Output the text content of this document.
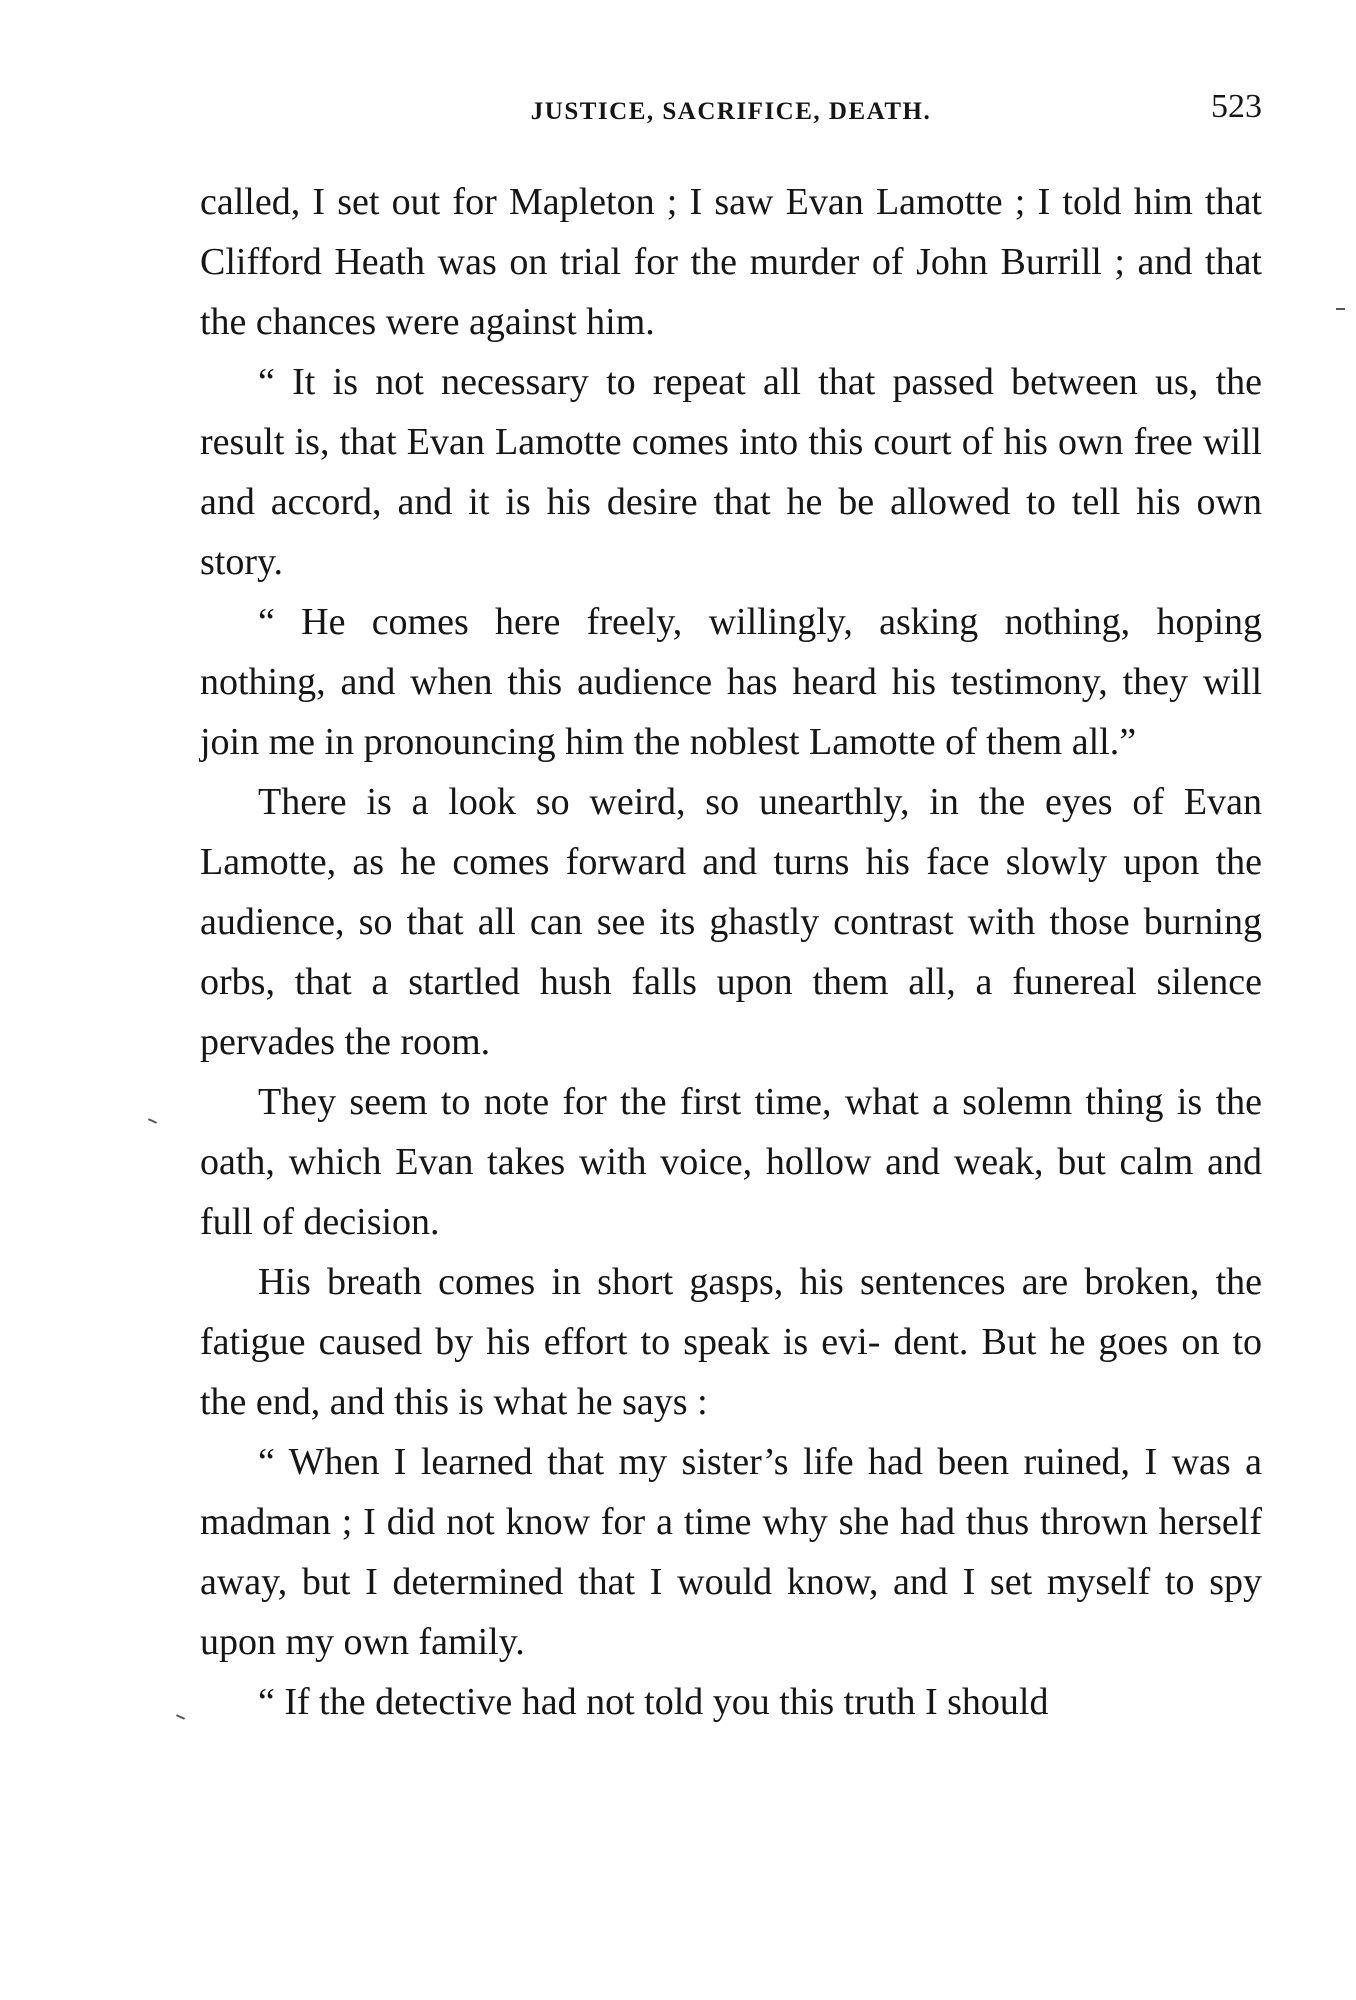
JUSTICE, SACRIFICE, DEATH.	523

called, I set out for Mapleton ; I saw Evan Lamotte ; I told him that Clifford Heath was on trial for the murder of John Burrill ; and that the chances were against him.

“ It is not necessary to repeat all that passed between us, the result is, that Evan Lamotte comes into this court of his own free will and accord, and it is his desire that he be allowed to tell his own story.

“ He comes here freely, willingly, asking nothing, hoping nothing, and when this audience has heard his testimony, they will join me in pronouncing him the noblest Lamotte of them all.”

There is a look so weird, so unearthly, in the eyes of Evan Lamotte, as he comes forward and turns his face slowly upon the audience, so that all can see its ghastly contrast with those burning orbs, that a startled hush falls upon them all, a funereal silence pervades the room.

They seem to note for the first time, what a solemn thing is the oath, which Evan takes with voice, hollow and weak, but calm and full of decision.

His breath comes in short gasps, his sentences are broken, the fatigue caused by his effort to speak is evi- dent. But he goes on to the end, and this is what he says :

“ When I learned that my sister’s life had been ruined, I was a madman ; I did not know for a time why she had thus thrown herself away, but I determined that I would know, and I set myself to spy upon my own family.

“ If the detective had not told you this truth I should
